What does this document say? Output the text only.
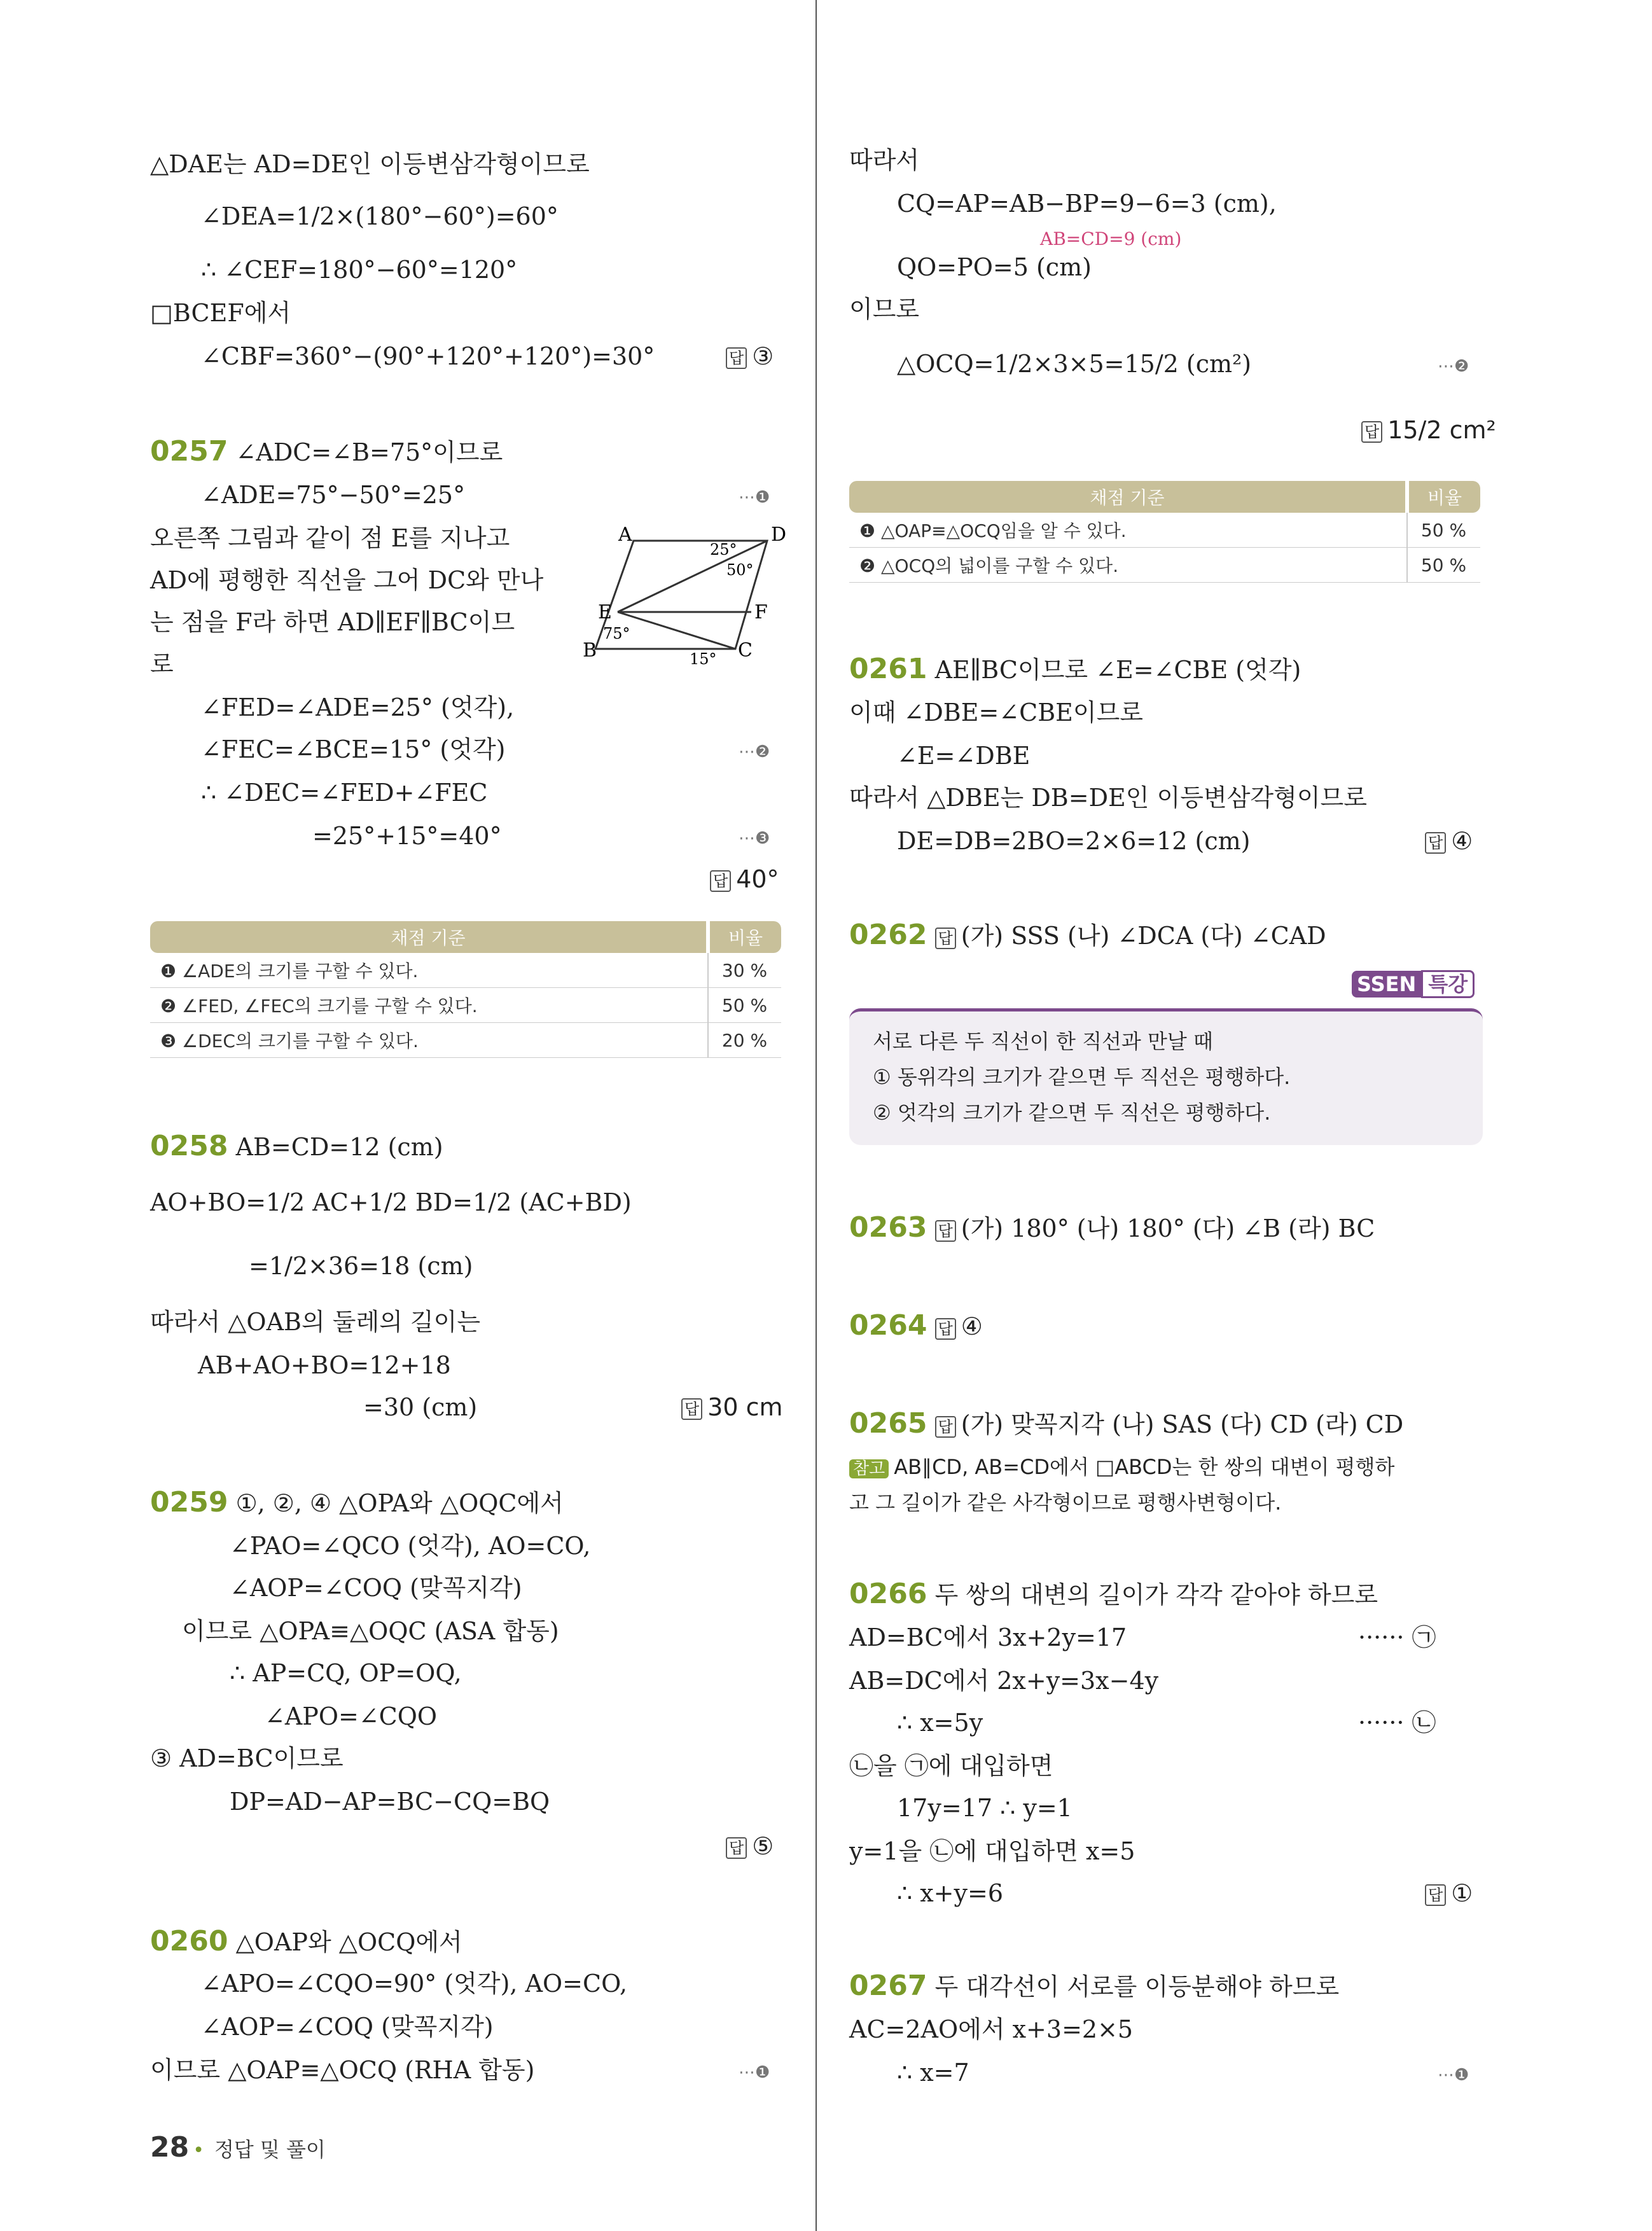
△DAE는 AD=DE인 이등변삼각형이므로
∠DEA=1/2×(180°−60°)=60°
∴ ∠CEF=180°−60°=120°
□BCEF에서
∠CBF=360°−(90°+120°+120°)=30°	답 ③
0257 ∠ADC=∠B=75°이므로
∠ADE=75°−50°=25°	⋯❶
오른쪽 그림과 같이 점 E를 지나고
AD에 평행한 직선을 그어 DC와 만나
는 점을 F라 하면 AD∥EF∥BC이므
로
A	D
E	F
B	C
25°
50°
75°
15°
∠FED=∠ADE=25° (엇각),
∠FEC=∠BCE=15° (엇각)	⋯❷
∴ ∠DEC=∠FED+∠FEC
=25°+15°=40°	⋯❸
답 40°
채점 기준	비율
❶ ∠ADE의 크기를 구할 수 있다.	30 %
❷ ∠FED, ∠FEC의 크기를 구할 수 있다.	50 %
❸ ∠DEC의 크기를 구할 수 있다.	20 %
0258 AB=CD=12 (cm)
AO+BO=1/2 AC+1/2 BD=1/2 (AC+BD)
=1/2×36=18 (cm)
따라서 △OAB의 둘레의 길이는
AB+AO+BO=12+18
=30 (cm)	답 30 cm
0259 ①, ②, ④ △OPA와 △OQC에서
∠PAO=∠QCO (엇각), AO=CO,
∠AOP=∠COQ (맞꼭지각)
이므로 △OPA≡△OQC (ASA 합동)
∴ AP=CQ, OP=OQ,
∠APO=∠CQO
③ AD=BC이므로
DP=AD−AP=BC−CQ=BQ
답 ⑤
0260 △OAP와 △OCQ에서
∠APO=∠CQO=90° (엇각), AO=CO,
∠AOP=∠COQ (맞꼭지각)
이므로 △OAP≡△OCQ (RHA 합동)	⋯❶
따라서
CQ=AP=AB−BP=9−6=3 (cm),
AB=CD=9 (cm)
QO=PO=5 (cm)
이므로
△OCQ=1/2×3×5=15/2 (cm²)	⋯❷
답 15/2 cm²
채점 기준	비율
❶ △OAP≡△OCQ임을 알 수 있다.	50 %
❷ △OCQ의 넓이를 구할 수 있다.	50 %
0261 AE∥BC이므로 ∠E=∠CBE (엇각)
이때 ∠DBE=∠CBE이므로
∠E=∠DBE
따라서 △DBE는 DB=DE인 이등변삼각형이므로
DE=DB=2BO=2×6=12 (cm)	답 ④
0262 답 (가) SSS (나) ∠DCA (다) ∠CAD
SSEN 특강
서로 다른 두 직선이 한 직선과 만날 때
① 동위각의 크기가 같으면 두 직선은 평행하다.
② 엇각의 크기가 같으면 두 직선은 평행하다.
0263 답 (가) 180° (나) 180° (다) ∠B (라) BC
0264 답 ④
0265 답 (가) 맞꼭지각 (나) SAS (다) CD (라) CD
참고 AB∥CD, AB=CD에서 □ABCD는 한 쌍의 대변이 평행하
고 그 길이가 같은 사각형이므로 평행사변형이다.
0266 두 쌍의 대변의 길이가 각각 같아야 하므로
AD=BC에서 3x+2y=17	······ ㉠
AB=DC에서 2x+y=3x−4y
∴ x=5y	······ ㉡
㉡을 ㉠에 대입하면
17y=17 ∴ y=1
y=1을 ㉡에 대입하면 x=5
∴ x+y=6	답 ①
0267 두 대각선이 서로를 이등분해야 하므로
AC=2AO에서 x+3=2×5
∴ x=7	⋯❶
28 • 정답 및 풀이
